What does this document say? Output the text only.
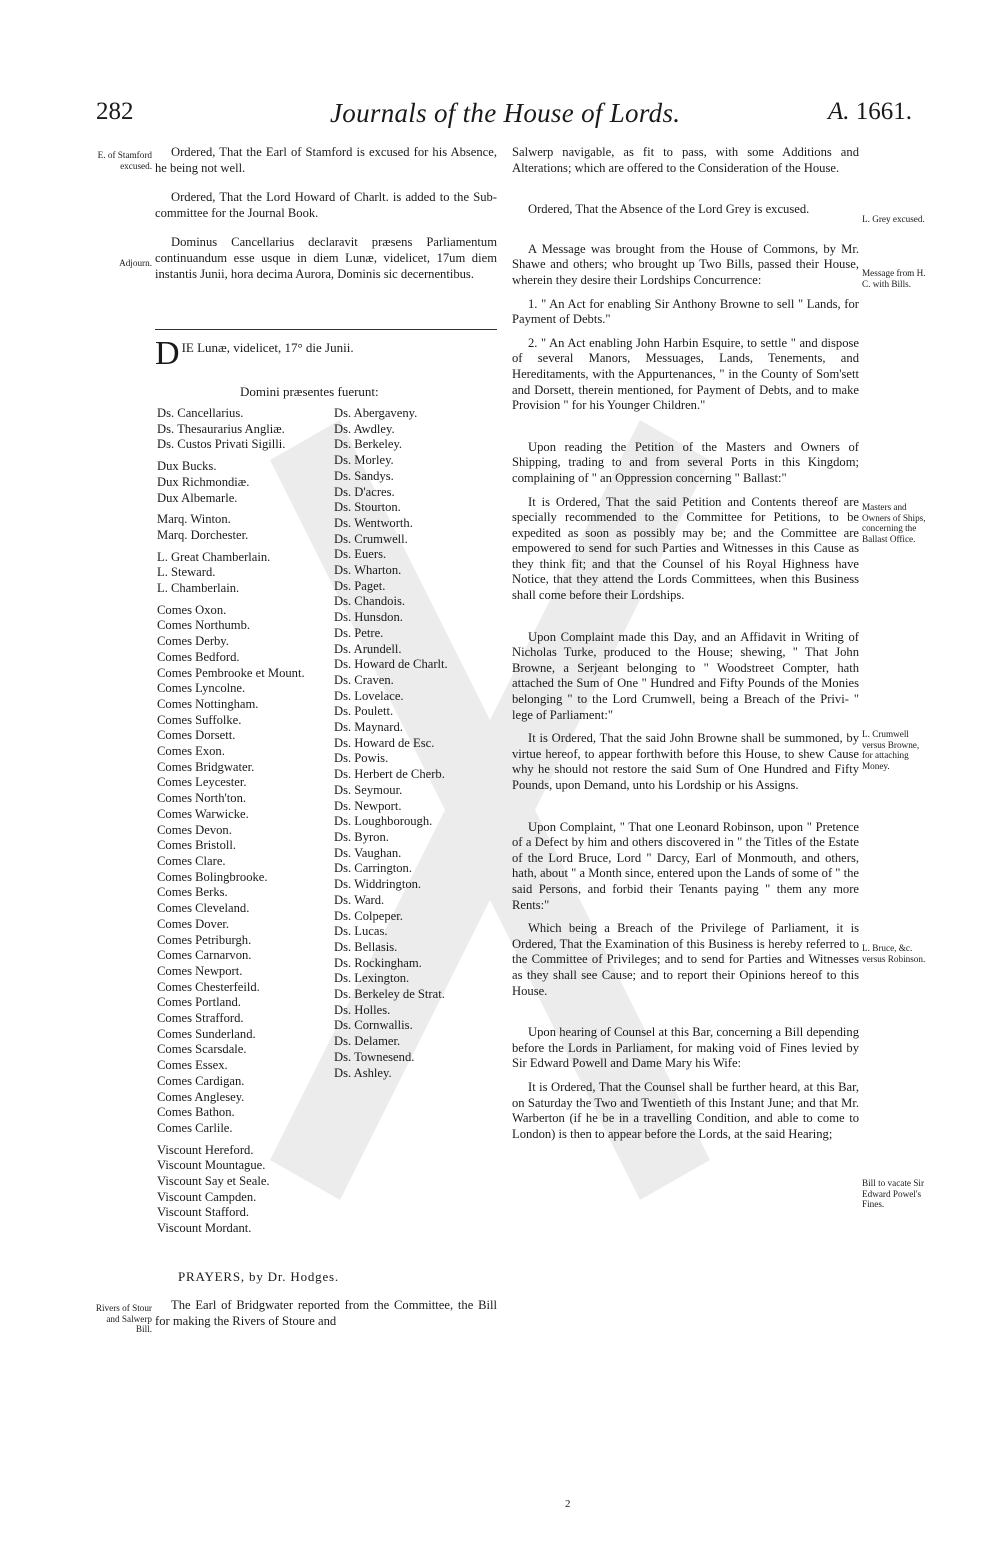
282	Journals of the House of Lords.	A. 1661.
E. of Stamford excused.
Adjourn.
Rivers of Stour and Salwerp Bill.
L. Grey excused.
Message from H. C. with Bills.
Masters and Owners of Ships, concerning the Ballast Office.
L. Crumwell versus Browne, for attaching Money.
L. Bruce, &c. versus Robinson.
Bill to vacate Sir Edward Powel's Fines.

Ordered, That the Earl of Stamford is excused for his Absence, he being not well.

Ordered, That the Lord Howard of Charlt. is added to the Sub-committee for the Journal Book.

Dominus Cancellarius declaravit præsens Parliamentum continuandum esse usque in diem Lunæ, videlicet, 17um diem instantis Junii, hora decima Aurora, Dominis sic decernentibus.

DIE Lunæ, videlicet, 17° die Junii.
Domini præsentes fuerunt:
Ds. Cancellarius.
Ds. Thesaurarius Angliæ.
Ds. Custos Privati Sigilli.
Dux Bucks.
Dux Richmondiæ.
Dux Albemarle.
Marq. Winton.
Marq. Dorchester.
L. Great Chamberlain.
L. Steward.
L. Chamberlain.
Comes Oxon.
Comes Northumb.
Comes Derby.
Comes Bedford.
Comes Pembrooke et Mount.
Comes Lyncolne.
Comes Nottingham.
Comes Suffolke.
Comes Dorsett.
Comes Exon.
Comes Bridgwater.
Comes Leycester.
Comes North'ton.
Comes Warwicke.
Comes Devon.
Comes Bristoll.
Comes Clare.
Comes Bolingbrooke.
Comes Berks.
Comes Cleveland.
Comes Dover.
Comes Petriburgh.
Comes Carnarvon.
Comes Newport.
Comes Chesterfeild.
Comes Portland.
Comes Strafford.
Comes Sunderland.
Comes Scarsdale.
Comes Essex.
Comes Cardigan.
Comes Anglesey.
Comes Bathon.
Comes Carlile.
Viscount Hereford.
Viscount Mountague.
Viscount Say et Seale.
Viscount Campden.
Viscount Stafford.
Viscount Mordant.
Ds. Abergaveny.
Ds. Awdley.
Ds. Berkeley.
Ds. Morley.
Ds. Sandys.
Ds. D'acres.
Ds. Stourton.
Ds. Wentworth.
Ds. Crumwell.
Ds. Euers.
Ds. Wharton.
Ds. Paget.
Ds. Chandois.
Ds. Hunsdon.
Ds. Petre.
Ds. Arundell.
Ds. Howard de Charlt.
Ds. Craven.
Ds. Lovelace.
Ds. Poulett.
Ds. Maynard.
Ds. Howard de Esc.
Ds. Powis.
Ds. Herbert de Cherb.
Ds. Seymour.
Ds. Newport.
Ds. Loughborough.
Ds. Byron.
Ds. Vaughan.
Ds. Carrington.
Ds. Widdrington.
Ds. Ward.
Ds. Colpeper.
Ds. Lucas.
Ds. Bellasis.
Ds. Rockingham.
Ds. Lexington.
Ds. Berkeley de Strat.
Ds. Holles.
Ds. Cornwallis.
Ds. Delamer.
Ds. Townesend.
Ds. Ashley.
PRAYERS, by Dr. Hodges.
The Earl of Bridgwater reported from the Committee, the Bill for making the Rivers of Stoure and

Salwerp navigable, as fit to pass, with some Additions and Alterations; which are offered to the Consideration of the House.

Ordered, That the Absence of the Lord Grey is excused.

A Message was brought from the House of Commons, by Mr. Shawe and others; who brought up Two Bills, passed their House, wherein they desire their Lordships Concurrence:

1. " An Act for enabling Sir Anthony Browne to sell " Lands, for Payment of Debts."

2. " An Act enabling John Harbin Esquire, to settle " and dispose of several Manors, Messuages, Lands, Tenements, and Hereditaments, with the Appurtenances, " in the County of Som'sett and Dorsett, therein mentioned, for Payment of Debts, and to make Provision " for his Younger Children."

Upon reading the Petition of the Masters and Owners of Shipping, trading to and from several Ports in this Kingdom; complaining of " an Oppression concerning " Ballast:"

It is Ordered, That the said Petition and Contents thereof are specially recommended to the Committee for Petitions, to be expedited as soon as possibly may be; and the Committee are empowered to send for such Parties and Witnesses in this Cause as they think fit; and that the Counsel of his Royal Highness have Notice, that they attend the Lords Committees, when this Business shall come before their Lordships.

Upon Complaint made this Day, and an Affidavit in Writing of Nicholas Turke, produced to the House; shewing, " That John Browne, a Serjeant belonging to " Woodstreet Compter, hath attached the Sum of One " Hundred and Fifty Pounds of the Monies belonging " to the Lord Crumwell, being a Breach of the Privi- " lege of Parliament:"

It is Ordered, That the said John Browne shall be summoned, by virtue hereof, to appear forthwith before this House, to shew Cause why he should not restore the said Sum of One Hundred and Fifty Pounds, upon Demand, unto his Lordship or his Assigns.

Upon Complaint, " That one Leonard Robinson, upon " Pretence of a Defect by him and others discovered in " the Titles of the Estate of the Lord Bruce, Lord " Darcy, Earl of Monmouth, and others, hath, about " a Month since, entered upon the Lands of some of " the said Persons, and forbid their Tenants paying " them any more Rents:"

Which being a Breach of the Privilege of Parliament, it is Ordered, That the Examination of this Business is hereby referred to the Committee of Privileges; and to send for Parties and Witnesses as they shall see Cause; and to report their Opinions hereof to this House.

Upon hearing of Counsel at this Bar, concerning a Bill depending before the Lords in Parliament, for making void of Fines levied by Sir Edward Powell and Dame Mary his Wife:

It is Ordered, That the Counsel shall be further heard, at this Bar, on Saturday the Two and Twentieth of this Instant June; and that Mr. Warberton (if he be in a travelling Condition, and able to come to London) is then to appear before the Lords, at the said Hearing;

2
